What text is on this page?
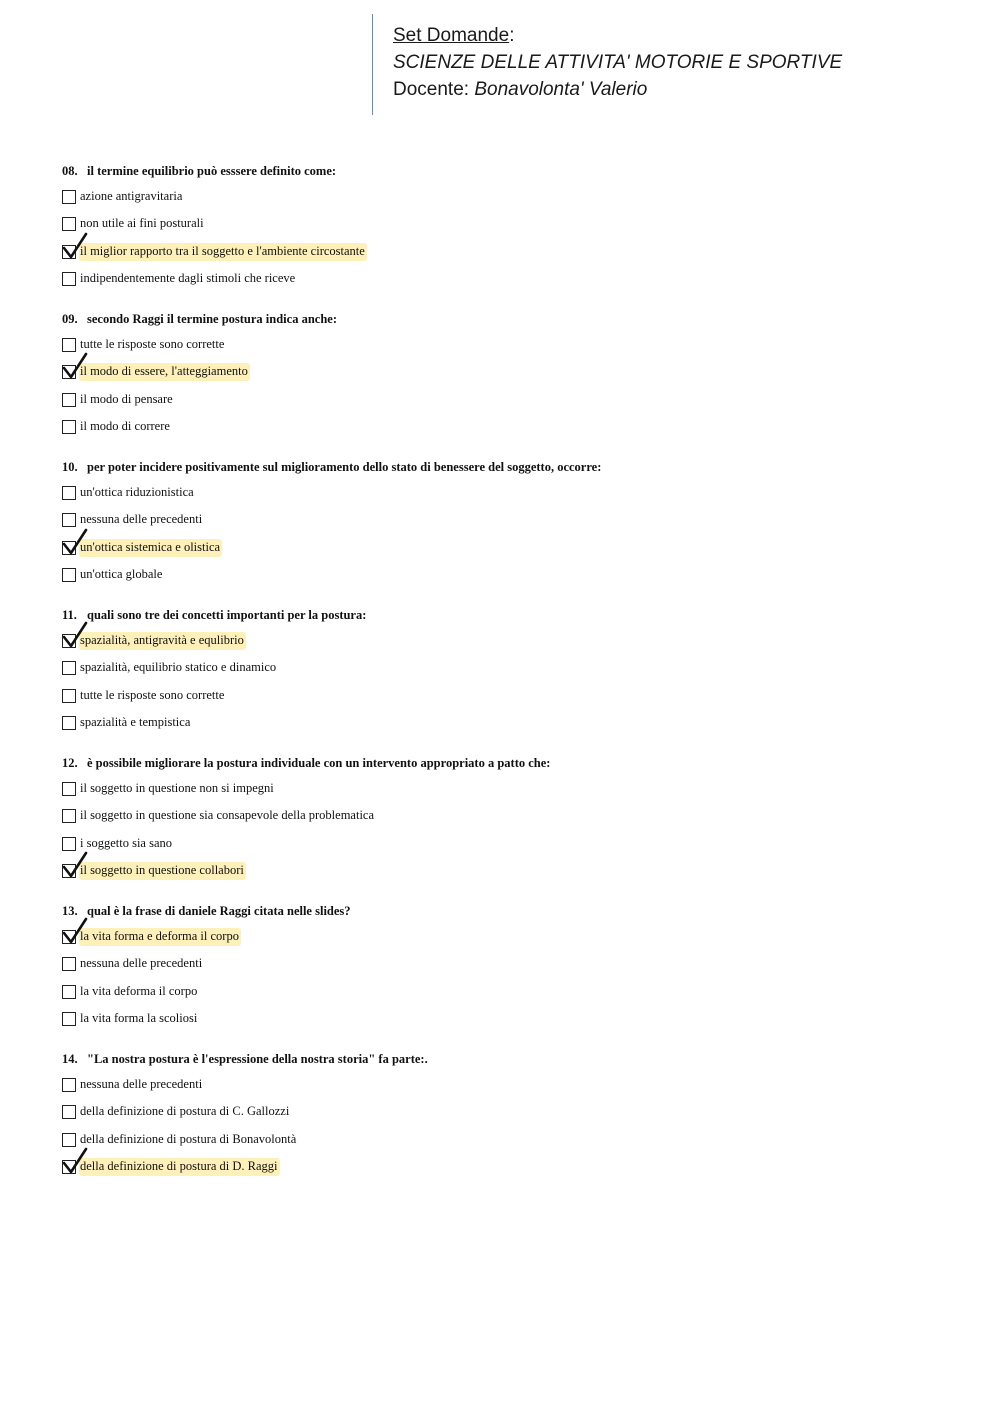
Set Domande:
SCIENZE DELLE ATTIVITA' MOTORIE E SPORTIVE
Docente: Bonavolonta' Valerio
08. il termine equilibrio può esssere definito come:
azione antigravitaria
non utile ai fini posturali
il miglior rapporto tra il soggetto e l'ambiente circostante
indipendentemente dagli stimoli che riceve
09. secondo Raggi il termine postura indica anche:
tutte le risposte sono corrette
il modo di essere, l'atteggiamento
il modo di pensare
il modo di correre
10. per poter incidere positivamente sul miglioramento dello stato di benessere del soggetto, occorre:
un'ottica riduzionistica
nessuna delle precedenti
un'ottica sistemica e olistica
un'ottica globale
11. quali sono tre dei concetti importanti per la postura:
spazialità, antigravità e equlibrio
spazialità, equilibrio statico e dinamico
tutte le risposte sono corrette
spazialità e tempistica
12. è possibile migliorare la postura individuale con un intervento appropriato a patto che:
il soggetto in questione non si impegni
il soggetto in questione sia consapevole della problematica
i soggetto sia sano
il soggetto in questione collabori
13. qual è la frase di daniele Raggi citata nelle slides?
la vita forma e deforma il corpo
nessuna delle precedenti
la vita deforma il corpo
la vita forma la scoliosi
14. "La nostra postura è l'espressione della nostra storia" fa parte:.
nessuna delle precedenti
della definizione di postura di C. Gallozzi
della definizione di postura di Bonavolontà
della definizione di postura di D. Raggi
